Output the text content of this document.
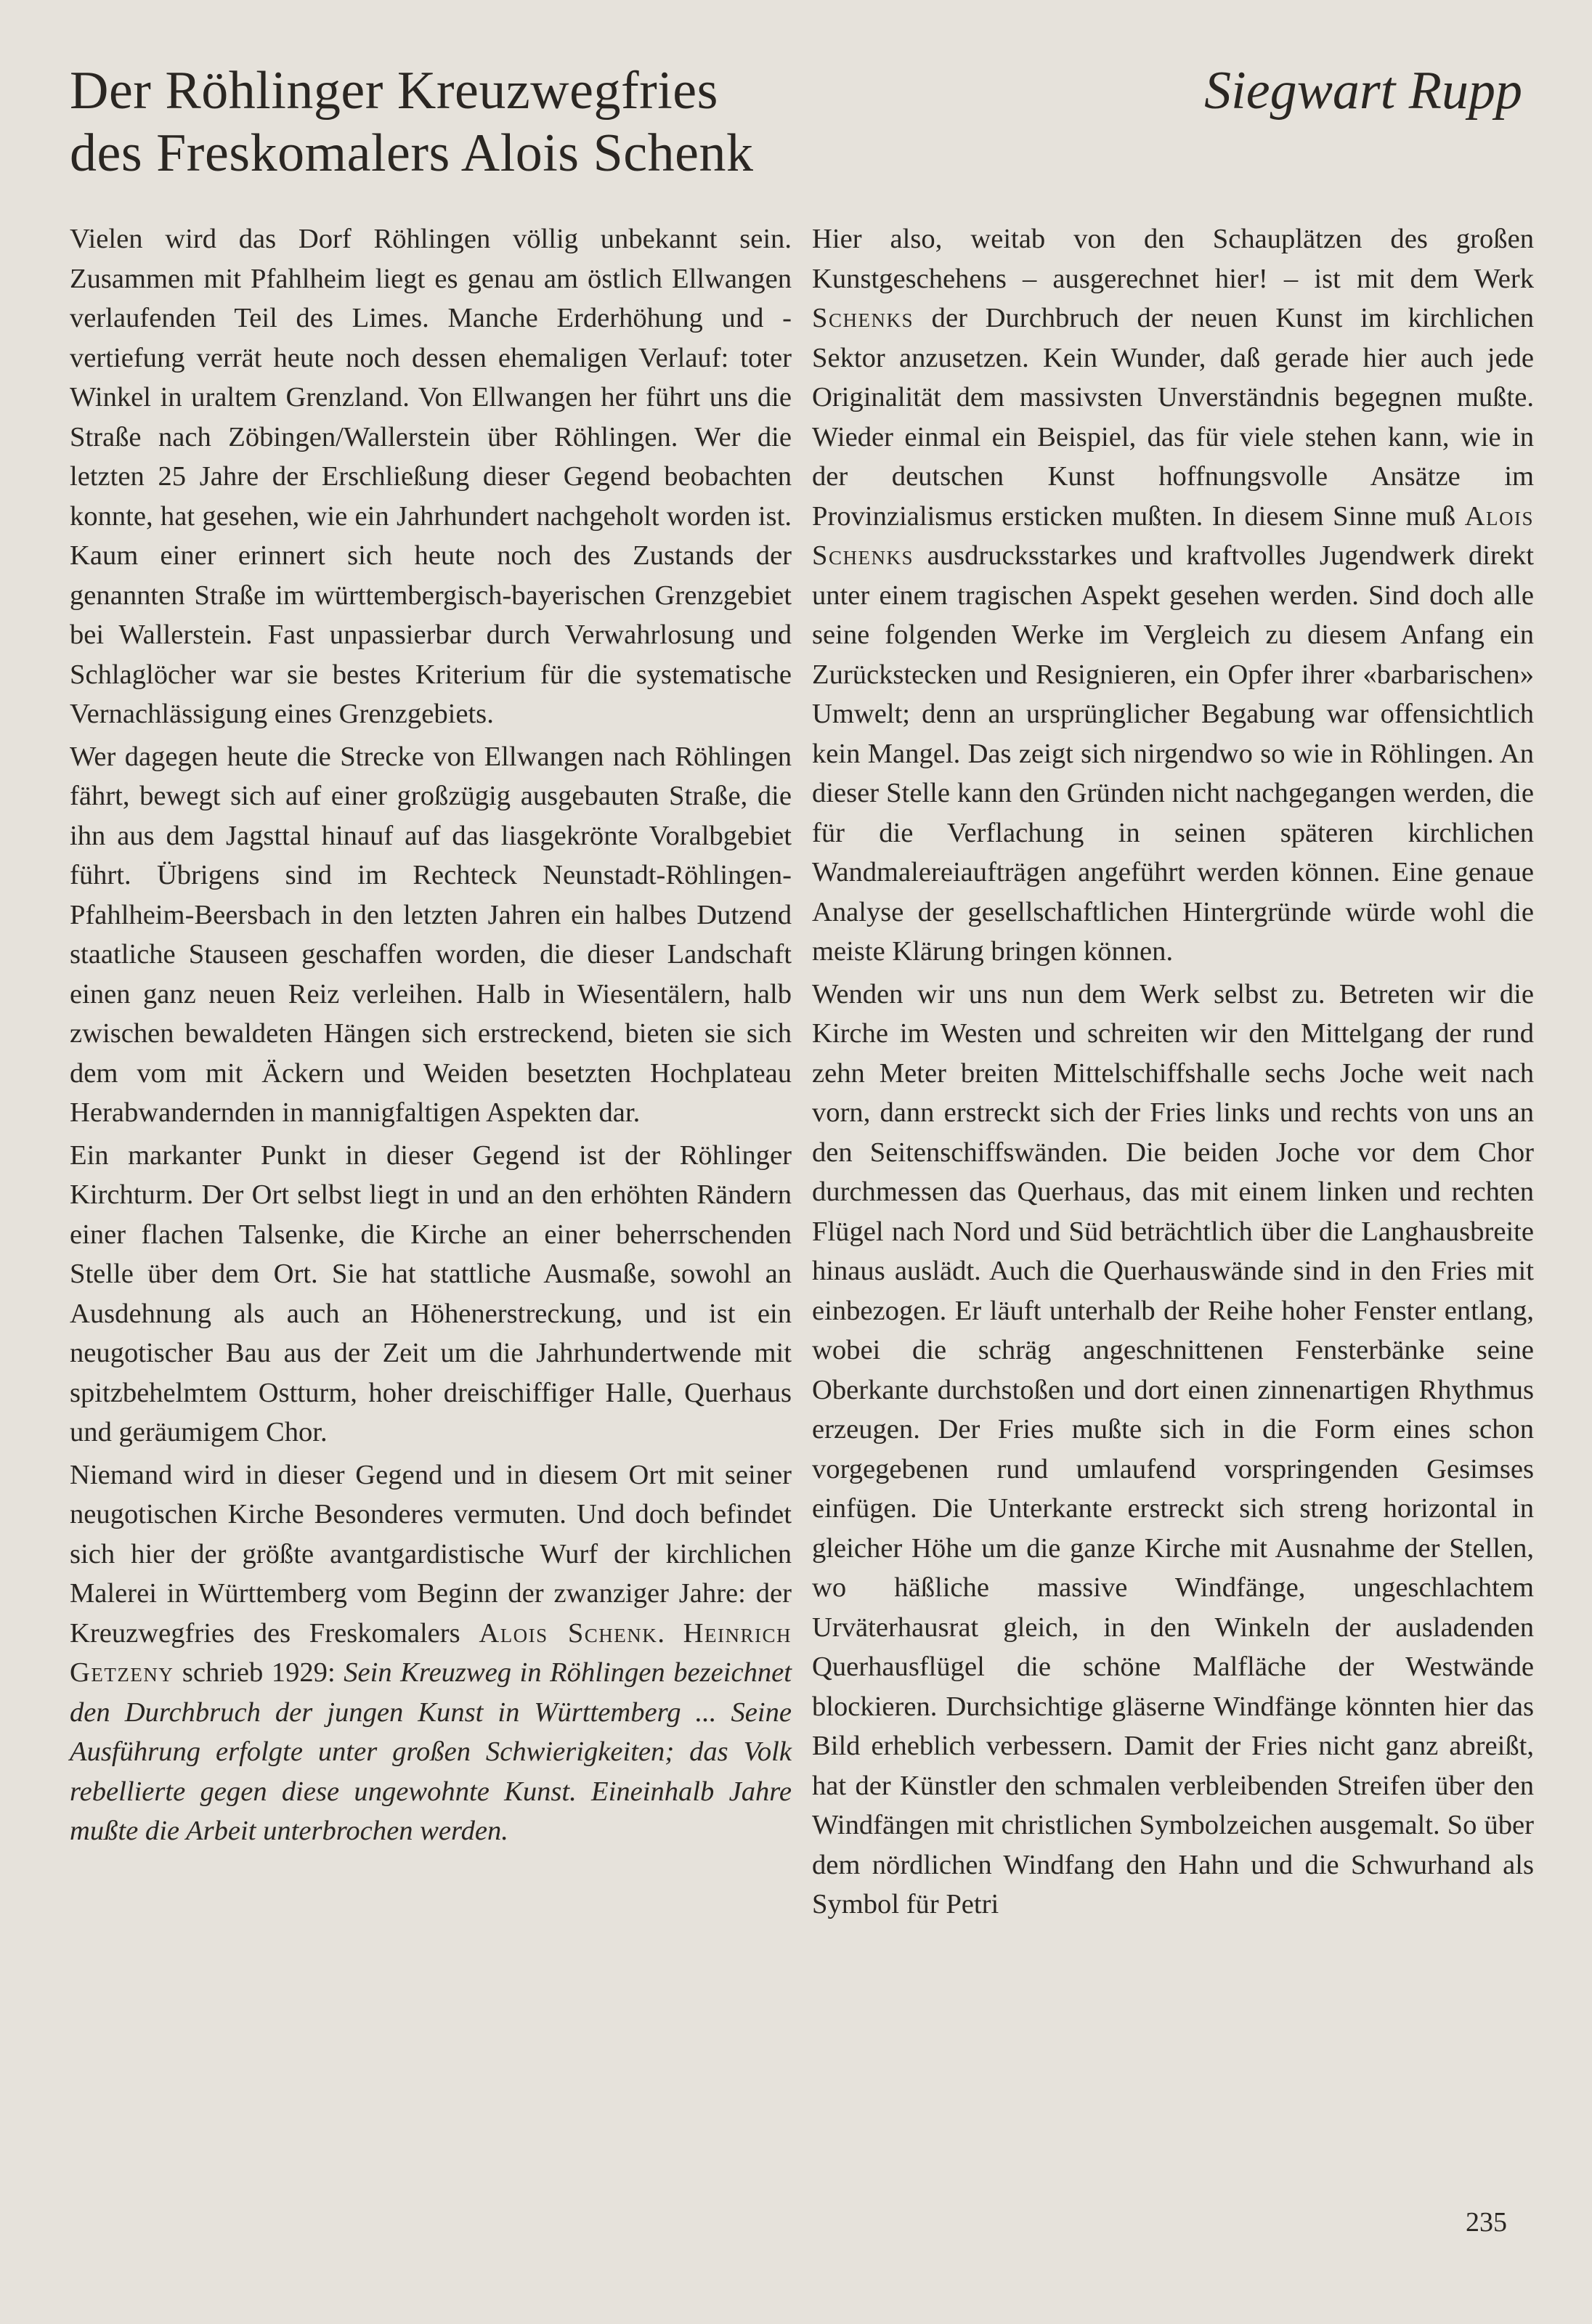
Der Röhlinger Kreuzwegfries
des Freskomalers Alois Schenk
Siegwart Rupp

Vielen wird das Dorf Röhlingen völlig unbekannt sein. Zusammen mit Pfahlheim liegt es genau am östlich Ellwangen verlaufenden Teil des Limes. Manche Erderhöhung und -vertiefung verrät heute noch dessen ehemaligen Verlauf: toter Winkel in uraltem Grenzland. Von Ellwangen her führt uns die Straße nach Zöbingen/Wallerstein über Röhlingen. Wer die letzten 25 Jahre der Erschließung dieser Gegend beobachten konnte, hat gesehen, wie ein Jahrhundert nachgeholt worden ist. Kaum einer erinnert sich heute noch des Zustands der genannten Straße im württembergisch-bayerischen Grenzgebiet bei Wallerstein. Fast unpassierbar durch Verwahrlosung und Schlaglöcher war sie bestes Kriterium für die systematische Vernachlässigung eines Grenzgebiets.

Wer dagegen heute die Strecke von Ellwangen nach Röhlingen fährt, bewegt sich auf einer großzügig ausgebauten Straße, die ihn aus dem Jagsttal hinauf auf das liasgekrönte Voralbgebiet führt. Übrigens sind im Rechteck Neunstadt-Röhlingen-Pfahlheim-Beersbach in den letzten Jahren ein halbes Dutzend staatliche Stauseen geschaffen worden, die dieser Landschaft einen ganz neuen Reiz verleihen. Halb in Wiesentälern, halb zwischen bewaldeten Hängen sich erstreckend, bieten sie sich dem vom mit Äckern und Weiden besetzten Hochplateau Herabwandernden in mannigfaltigen Aspekten dar.

Ein markanter Punkt in dieser Gegend ist der Röhlinger Kirchturm. Der Ort selbst liegt in und an den erhöhten Rändern einer flachen Talsenke, die Kirche an einer beherrschenden Stelle über dem Ort. Sie hat stattliche Ausmaße, sowohl an Ausdehnung als auch an Höhenerstreckung, und ist ein neugotischer Bau aus der Zeit um die Jahrhundertwende mit spitzbehelmtem Ostturm, hoher dreischiffiger Halle, Querhaus und geräumigem Chor.

Niemand wird in dieser Gegend und in diesem Ort mit seiner neugotischen Kirche Besonderes vermuten. Und doch befindet sich hier der größte avantgardistische Wurf der kirchlichen Malerei in Württemberg vom Beginn der zwanziger Jahre: der Kreuzwegfries des Freskomalers Alois Schenk. Heinrich Getzeny schrieb 1929: Sein Kreuzweg in Röhlingen bezeichnet den Durchbruch der jungen Kunst in Württemberg ... Seine Ausführung erfolgte unter großen Schwierigkeiten; das Volk rebellierte gegen diese ungewohnte Kunst. Eineinhalb Jahre mußte die Arbeit unterbrochen werden.

Hier also, weitab von den Schauplätzen des großen Kunstgeschehens – ausgerechnet hier! – ist mit dem Werk Schenks der Durchbruch der neuen Kunst im kirchlichen Sektor anzusetzen. Kein Wunder, daß gerade hier auch jede Originalität dem massivsten Unverständnis begegnen mußte. Wieder einmal ein Beispiel, das für viele stehen kann, wie in der deutschen Kunst hoffnungsvolle Ansätze im Provinzialismus ersticken mußten. In diesem Sinne muß Alois Schenks ausdrucksstarkes und kraftvolles Jugendwerk direkt unter einem tragischen Aspekt gesehen werden. Sind doch alle seine folgenden Werke im Vergleich zu diesem Anfang ein Zurückstecken und Resignieren, ein Opfer ihrer «barbarischen» Umwelt; denn an ursprünglicher Begabung war offensichtlich kein Mangel. Das zeigt sich nirgendwo so wie in Röhlingen. An dieser Stelle kann den Gründen nicht nachgegangen werden, die für die Verflachung in seinen späteren kirchlichen Wandmalereiaufträgen angeführt werden können. Eine genaue Analyse der gesellschaftlichen Hintergründe würde wohl die meiste Klärung bringen können.

Wenden wir uns nun dem Werk selbst zu. Betreten wir die Kirche im Westen und schreiten wir den Mittelgang der rund zehn Meter breiten Mittelschiffshalle sechs Joche weit nach vorn, dann erstreckt sich der Fries links und rechts von uns an den Seitenschiffswänden. Die beiden Joche vor dem Chor durchmessen das Querhaus, das mit einem linken und rechten Flügel nach Nord und Süd beträchtlich über die Langhausbreite hinaus auslädt. Auch die Querhauswände sind in den Fries mit einbezogen. Er läuft unterhalb der Reihe hoher Fenster entlang, wobei die schräg angeschnittenen Fensterbänke seine Oberkante durchstoßen und dort einen zinnenartigen Rhythmus erzeugen. Der Fries mußte sich in die Form eines schon vorgegebenen rund umlaufend vorspringenden Gesimses einfügen. Die Unterkante erstreckt sich streng horizontal in gleicher Höhe um die ganze Kirche mit Ausnahme der Stellen, wo häßliche massive Windfänge, ungeschlachtem Urväterhausrat gleich, in den Winkeln der ausladenden Querhausflügel die schöne Malfläche der Westwände blockieren. Durchsichtige gläserne Windfänge könnten hier das Bild erheblich verbessern. Damit der Fries nicht ganz abreißt, hat der Künstler den schmalen verbleibenden Streifen über den Windfängen mit christlichen Symbolzeichen ausgemalt. So über dem nördlichen Windfang den Hahn und die Schwurhand als Symbol für Petri

235
